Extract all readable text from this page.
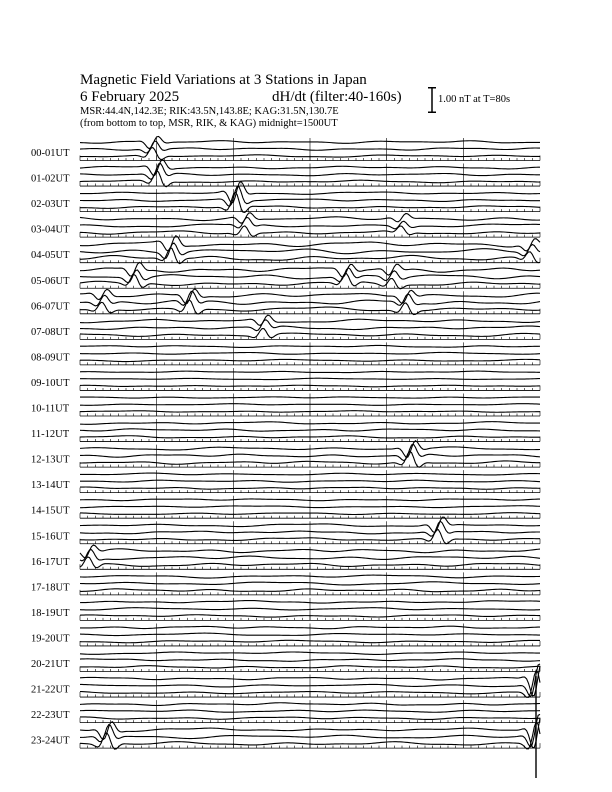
Magnetic Field Variations at 3 Stations in Japan
6 February 2025	dH/dt (filter:40-160s)
MSR:44.4N,142.3E; RIK:43.5N,143.8E; KAG:31.5N,130.7E
(from bottom to top, MSR, RIK, & KAG) midnight=1500UT
1.00 nT at T=80s
00-01UT
01-02UT
02-03UT
03-04UT
04-05UT
05-06UT
06-07UT
07-08UT
08-09UT
09-10UT
10-11UT
11-12UT
12-13UT
13-14UT
14-15UT
15-16UT
16-17UT
17-18UT
18-19UT
19-20UT
20-21UT
21-22UT
22-23UT
23-24UT
